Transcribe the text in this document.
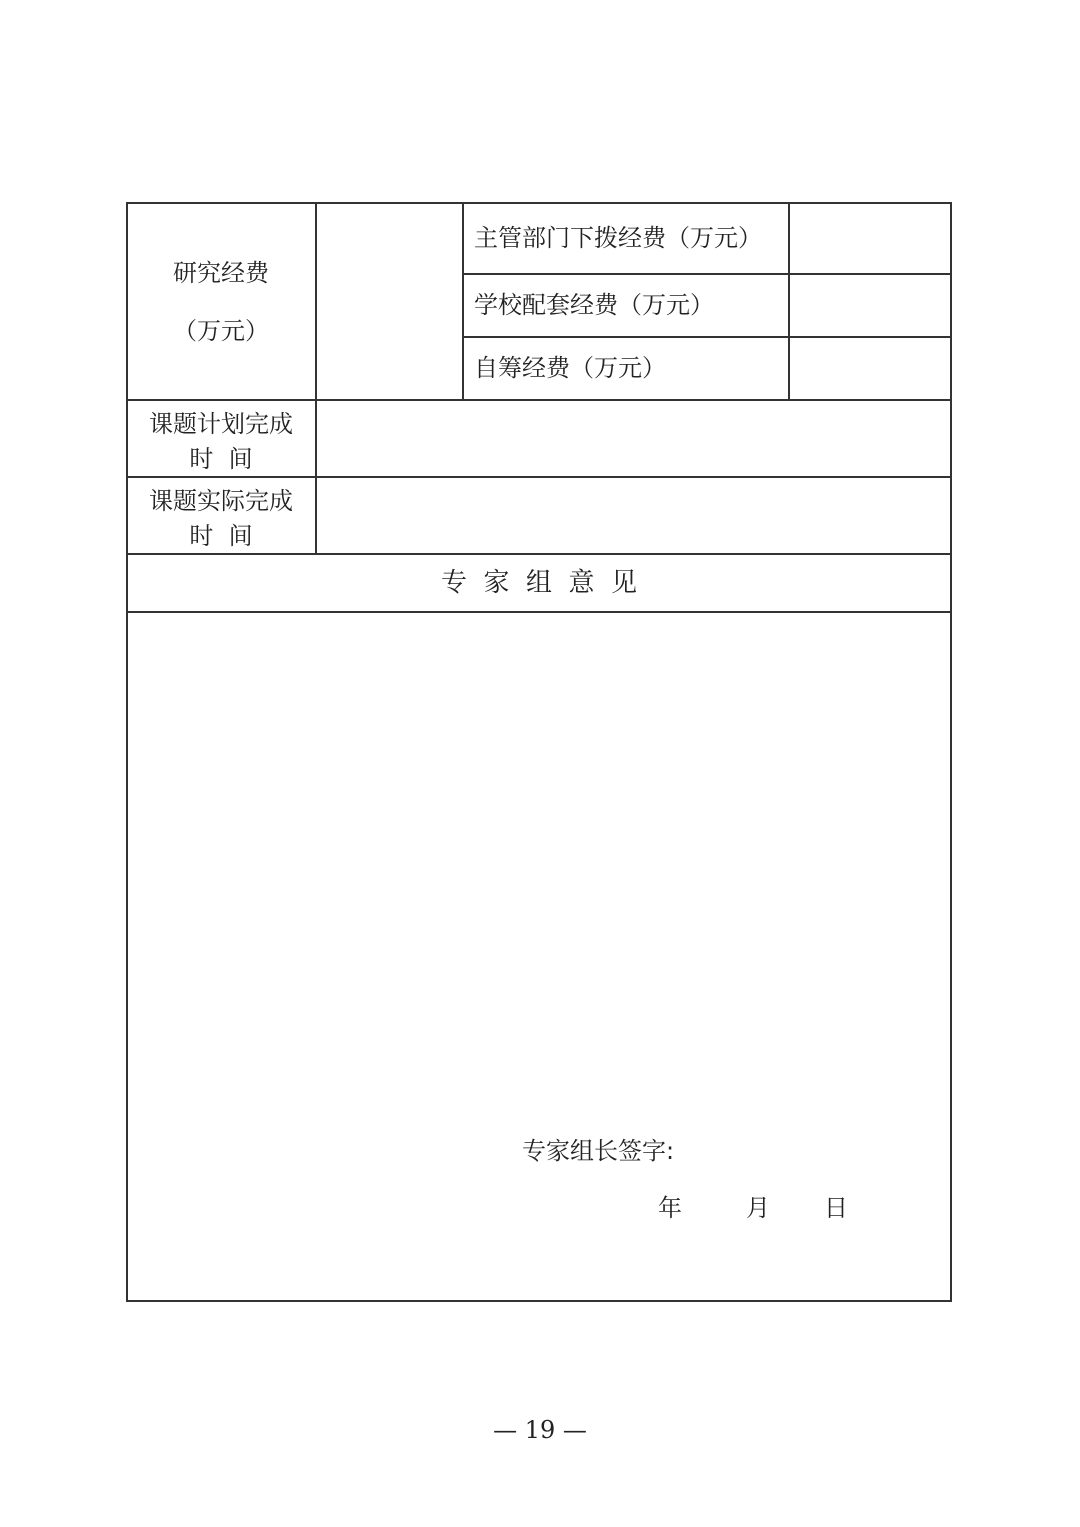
研究经费
（万元）
主管部门下拨经费（万元）
学校配套经费（万元）
自筹经费（万元）
课题计划完成
时  间
课题实际完成
时  间
专  家  组  意  见
专家组长签字:
年	月 日
— 19 —
